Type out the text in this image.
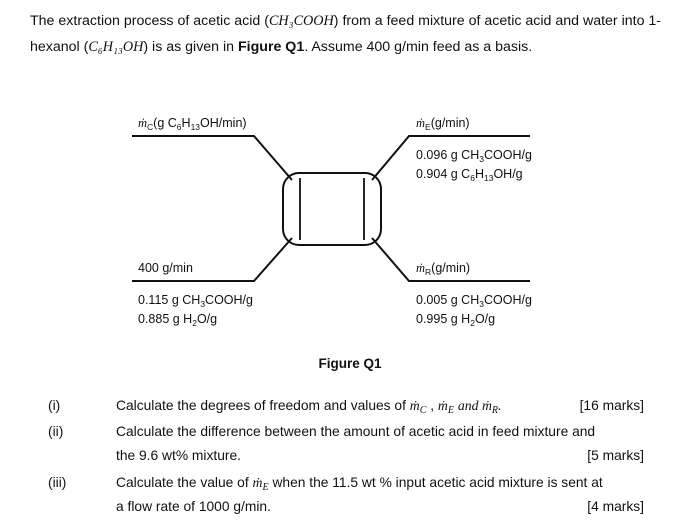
The extraction process of acetic acid (CH₃COOH) from a feed mixture of acetic acid and water into 1-hexanol (C₆H₁₃OH) is as given in Figure Q1. Assume 400 g/min feed as a basis.

ṁ$_C$(g $C_6H_{13}OH/\min$)	ṁ$_E$(g/min)
0.096 g $CH_3COOH/g$
0.904 g $C_6H_{13}OH/g$
400 g/min
0.115 g $CH_3COOH/g$
0.885 g $H_2O/g$
ṁ$_R$(g/min)
0.005 g $CH_3COOH/g$
0.995 g $H_2O/g$
Figure Q1
(i)	Calculate the degrees of freedom and values of ṁ$_C$ , ṁ$_E$ and ṁ$_R$.	[16 marks]
(ii)	Calculate the difference between the amount of acetic acid in feed mixture and
the 9.6 wt% mixture.	[5 marks]
(iii)	Calculate the value of ṁ$_E$ when the 11.5 wt % input acetic acid mixture is sent at
a flow rate of 1000 g/min.	[4 marks]
